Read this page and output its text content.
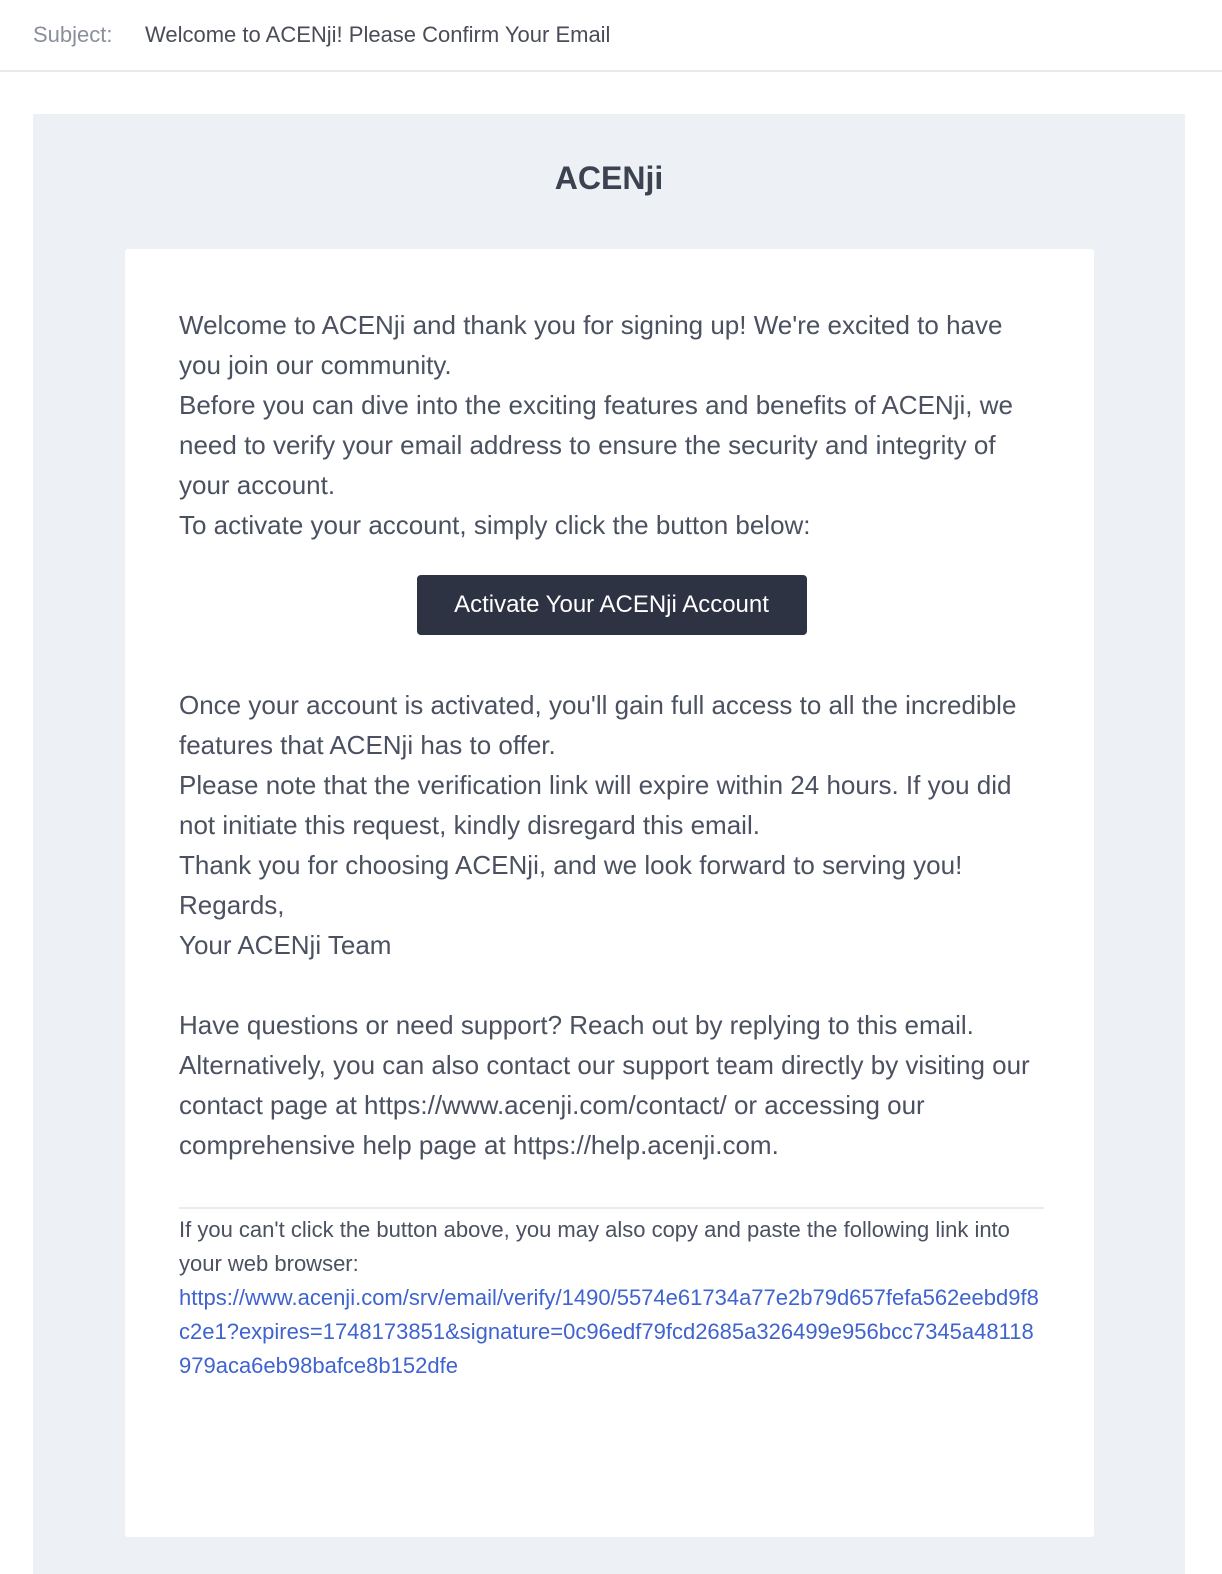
Subject:	Welcome to ACENji! Please Confirm Your Email
ACENji

Welcome to ACENji and thank you for signing up! We're excited to have you join our community.

Before you can dive into the exciting features and benefits of ACENji, we need to verify your email address to ensure the security and integrity of your account.

To activate your account, simply click the button below:

Activate Your ACENji Account

Once your account is activated, you'll gain full access to all the incredible features that ACENji has to offer.

Please note that the verification link will expire within 24 hours. If you did not initiate this request, kindly disregard this email.

Thank you for choosing ACENji, and we look forward to serving you!

Regards,

Your ACENji Team

Have questions or need support? Reach out by replying to this email.

Alternatively, you can also contact our support team directly by visiting our contact page at https://www.acenji.com/contact/ or accessing our comprehensive help page at https://help.acenji.com.

If you can't click the button above, you may also copy and paste the following link into your web browser:

https://www.acenji.com/srv/email/verify/1490/5574e61734a77e2b79d657fefa562eebd9f8c2e1?expires=1748173851&signature=0c96edf79fcd2685a326499e956bcc7345a48118979aca6eb98bafce8b152dfe
